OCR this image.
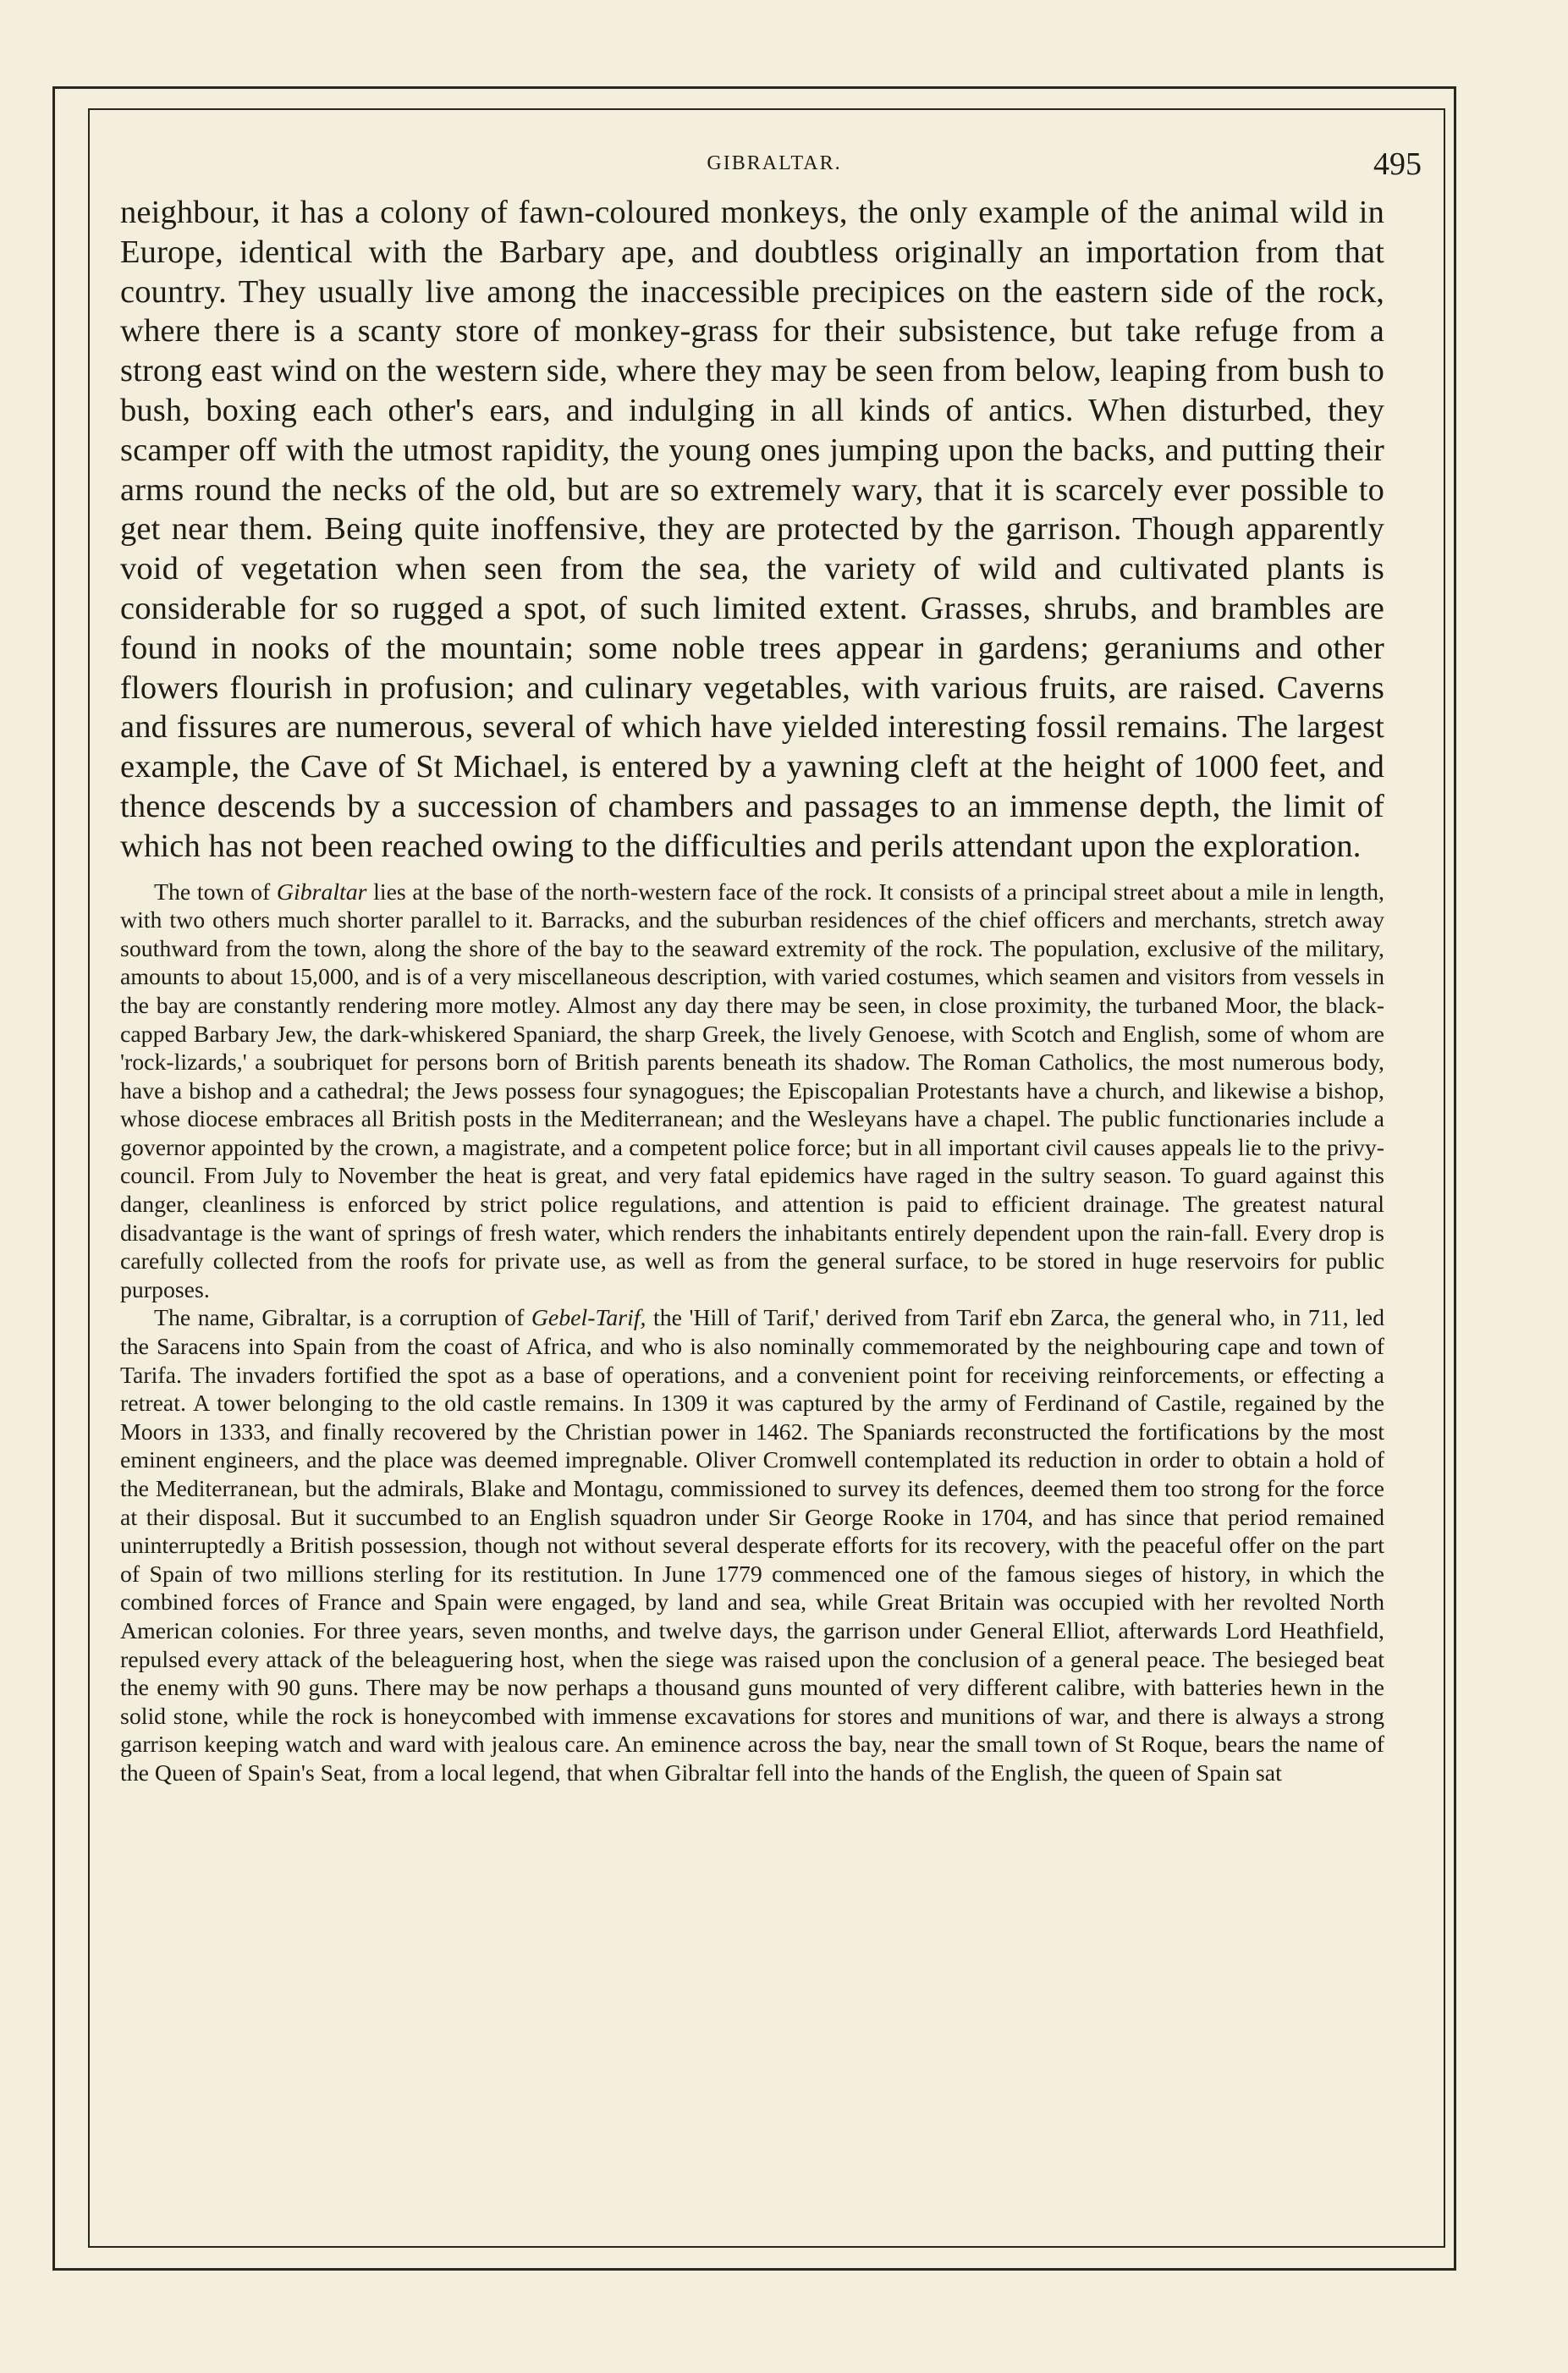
GIBRALTAR.	495

neighbour, it has a colony of fawn-coloured monkeys, the only example of the animal wild in Europe, identical with the Barbary ape, and doubtless originally an importation from that country. They usually live among the inaccessible precipices on the eastern side of the rock, where there is a scanty store of monkey-grass for their subsistence, but take refuge from a strong east wind on the western side, where they may be seen from below, leaping from bush to bush, boxing each other's ears, and indulging in all kinds of antics. When disturbed, they scamper off with the utmost rapidity, the young ones jumping upon the backs, and putting their arms round the necks of the old, but are so extremely wary, that it is scarcely ever possible to get near them. Being quite inoffensive, they are protected by the garrison. Though apparently void of vegetation when seen from the sea, the variety of wild and cultivated plants is considerable for so rugged a spot, of such limited extent. Grasses, shrubs, and brambles are found in nooks of the mountain; some noble trees appear in gardens; geraniums and other flowers flourish in profusion; and culinary vegetables, with various fruits, are raised. Caverns and fissures are numerous, several of which have yielded interesting fossil remains. The largest example, the Cave of St Michael, is entered by a yawning cleft at the height of 1000 feet, and thence descends by a succession of chambers and passages to an immense depth, the limit of which has not been reached owing to the difficulties and perils attendant upon the exploration.

The town of Gibraltar lies at the base of the north-western face of the rock. It consists of a principal street about a mile in length, with two others much shorter parallel to it. Barracks, and the suburban residences of the chief officers and merchants, stretch away southward from the town, along the shore of the bay to the seaward extremity of the rock. The population, exclusive of the military, amounts to about 15,000, and is of a very miscellaneous description, with varied costumes, which seamen and visitors from vessels in the bay are constantly rendering more motley. Almost any day there may be seen, in close proximity, the turbaned Moor, the black-capped Barbary Jew, the dark-whiskered Spaniard, the sharp Greek, the lively Genoese, with Scotch and English, some of whom are 'rock-lizards,' a soubriquet for persons born of British parents beneath its shadow. The Roman Catholics, the most numerous body, have a bishop and a cathedral; the Jews possess four synagogues; the Episcopalian Protestants have a church, and likewise a bishop, whose diocese embraces all British posts in the Mediterranean; and the Wesleyans have a chapel. The public functionaries include a governor appointed by the crown, a magistrate, and a competent police force; but in all important civil causes appeals lie to the privy-council. From July to November the heat is great, and very fatal epidemics have raged in the sultry season. To guard against this danger, cleanliness is enforced by strict police regulations, and attention is paid to efficient drainage. The greatest natural disadvantage is the want of springs of fresh water, which renders the inhabitants entirely dependent upon the rain-fall. Every drop is carefully collected from the roofs for private use, as well as from the general surface, to be stored in huge reservoirs for public purposes.

The name, Gibraltar, is a corruption of Gebel-Tarif, the 'Hill of Tarif,' derived from Tarif ebn Zarca, the general who, in 711, led the Saracens into Spain from the coast of Africa, and who is also nominally commemorated by the neighbouring cape and town of Tarifa. The invaders fortified the spot as a base of operations, and a convenient point for receiving reinforcements, or effecting a retreat. A tower belonging to the old castle remains. In 1309 it was captured by the army of Ferdinand of Castile, regained by the Moors in 1333, and finally recovered by the Christian power in 1462. The Spaniards reconstructed the fortifications by the most eminent engineers, and the place was deemed impregnable. Oliver Cromwell contemplated its reduction in order to obtain a hold of the Mediterranean, but the admirals, Blake and Montagu, commissioned to survey its defences, deemed them too strong for the force at their disposal. But it succumbed to an English squadron under Sir George Rooke in 1704, and has since that period remained uninterruptedly a British possession, though not without several desperate efforts for its recovery, with the peaceful offer on the part of Spain of two millions sterling for its restitution. In June 1779 commenced one of the famous sieges of history, in which the combined forces of France and Spain were engaged, by land and sea, while Great Britain was occupied with her revolted North American colonies. For three years, seven months, and twelve days, the garrison under General Elliot, afterwards Lord Heathfield, repulsed every attack of the beleaguering host, when the siege was raised upon the conclusion of a general peace. The besieged beat the enemy with 90 guns. There may be now perhaps a thousand guns mounted of very different calibre, with batteries hewn in the solid stone, while the rock is honeycombed with immense excavations for stores and munitions of war, and there is always a strong garrison keeping watch and ward with jealous care. An eminence across the bay, near the small town of St Roque, bears the name of the Queen of Spain's Seat, from a local legend, that when Gibraltar fell into the hands of the English, the queen of Spain sat
